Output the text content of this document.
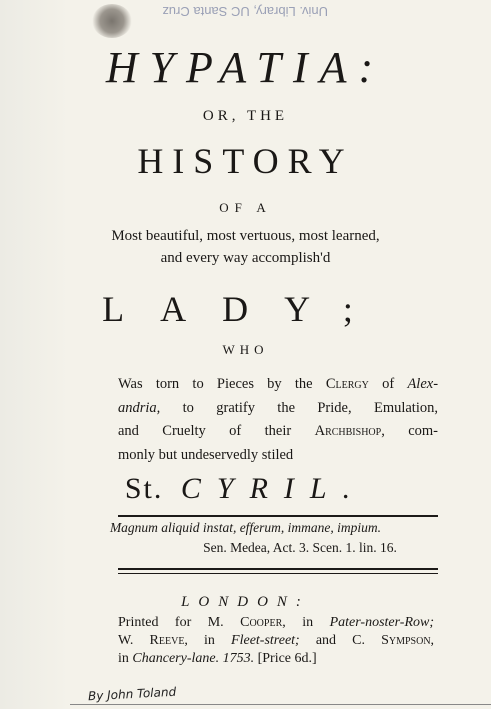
Univ. Library, UC Santa Cruz
HYPATIA:
OR, THE
HISTORY
OF A
Most beautiful, most vertuous, most learned,
and every way accomplish'd
LADY;
WHO
Was torn to Pieces by the Clergy of Alex-
andria, to gratify the Pride, Emulation,
and Cruelty of their Archbishop, com-
monly but undeservedly stiled
St. CYRIL.
Magnum aliquid instat, efferum, immane, impium.
Sen. Medea, Act. 3. Scen. 1. lin. 16.
LONDON:
Printed for M. Cooper, in Pater-noster-Row;
W. Reeve, in Fleet-street; and C. Sympson,
in Chancery-lane. 1753. [Price 6d.]
By John Toland
